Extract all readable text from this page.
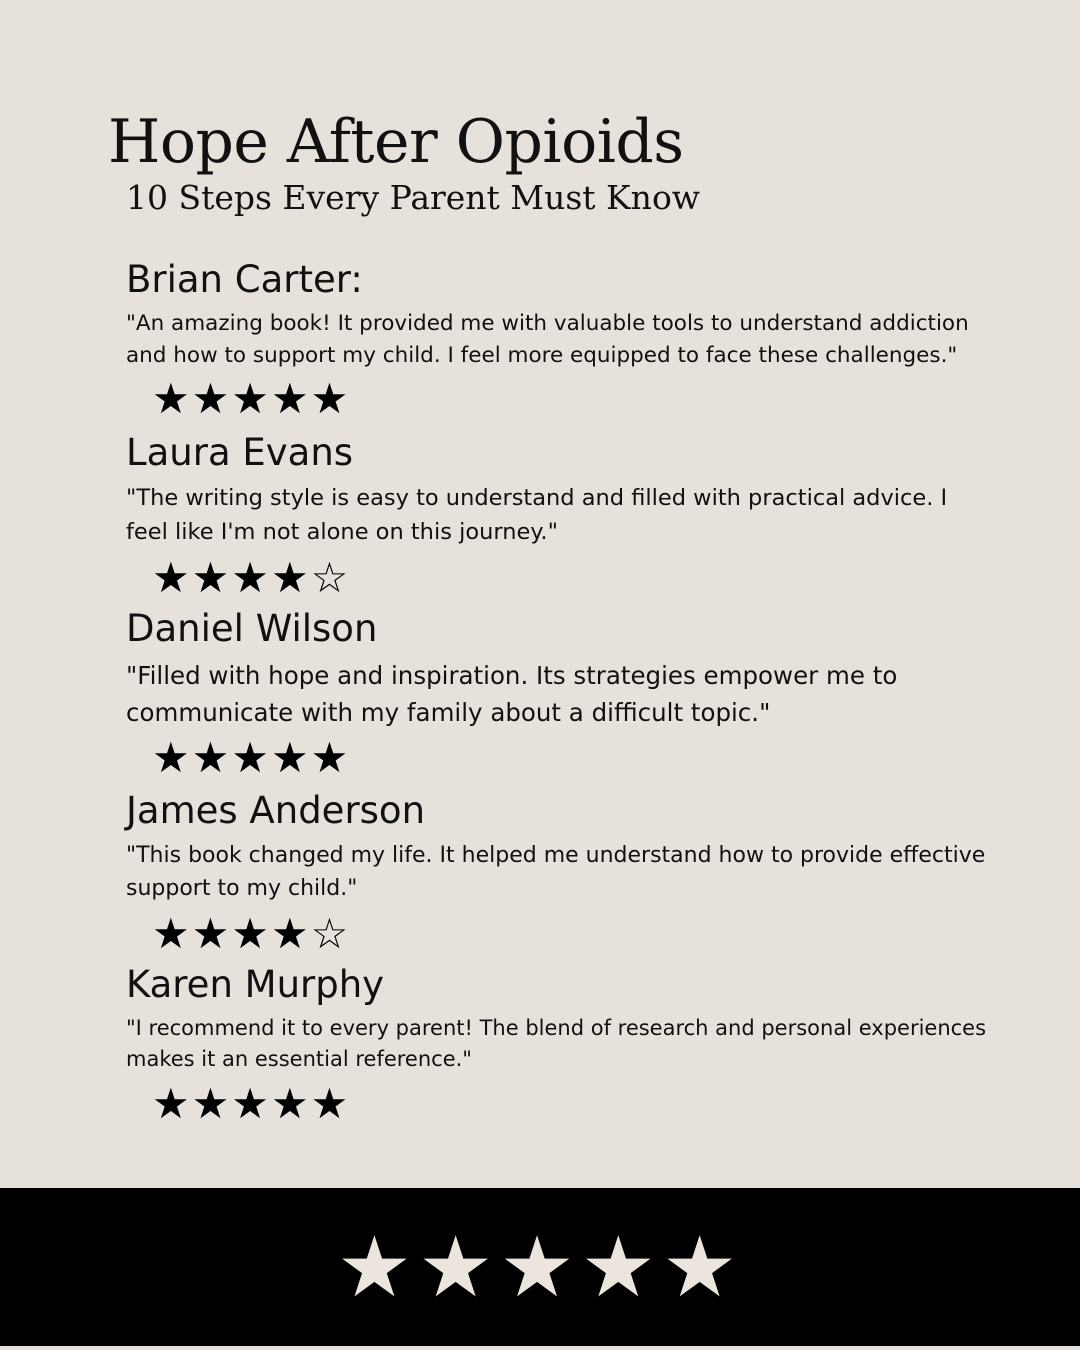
Hope After Opioids
10 Steps Every Parent Must Know
Brian Carter:
"An amazing book! It provided me with valuable tools to understand addiction and how to support my child. I feel more equipped to face these challenges."
★★★★★
Laura Evans
"The writing style is easy to understand and filled with practical advice. I feel like I'm not alone on this journey."
★★★★☆
Daniel Wilson
"Filled with hope and inspiration. Its strategies empower me to communicate with my family about a difficult topic."
★★★★★
James Anderson
"This book changed my life. It helped me understand how to provide effective support to my child."
★★★★☆
Karen Murphy
"I recommend it to every parent! The blend of research and personal experiences makes it an essential reference."
★★★★★
★★★★★
